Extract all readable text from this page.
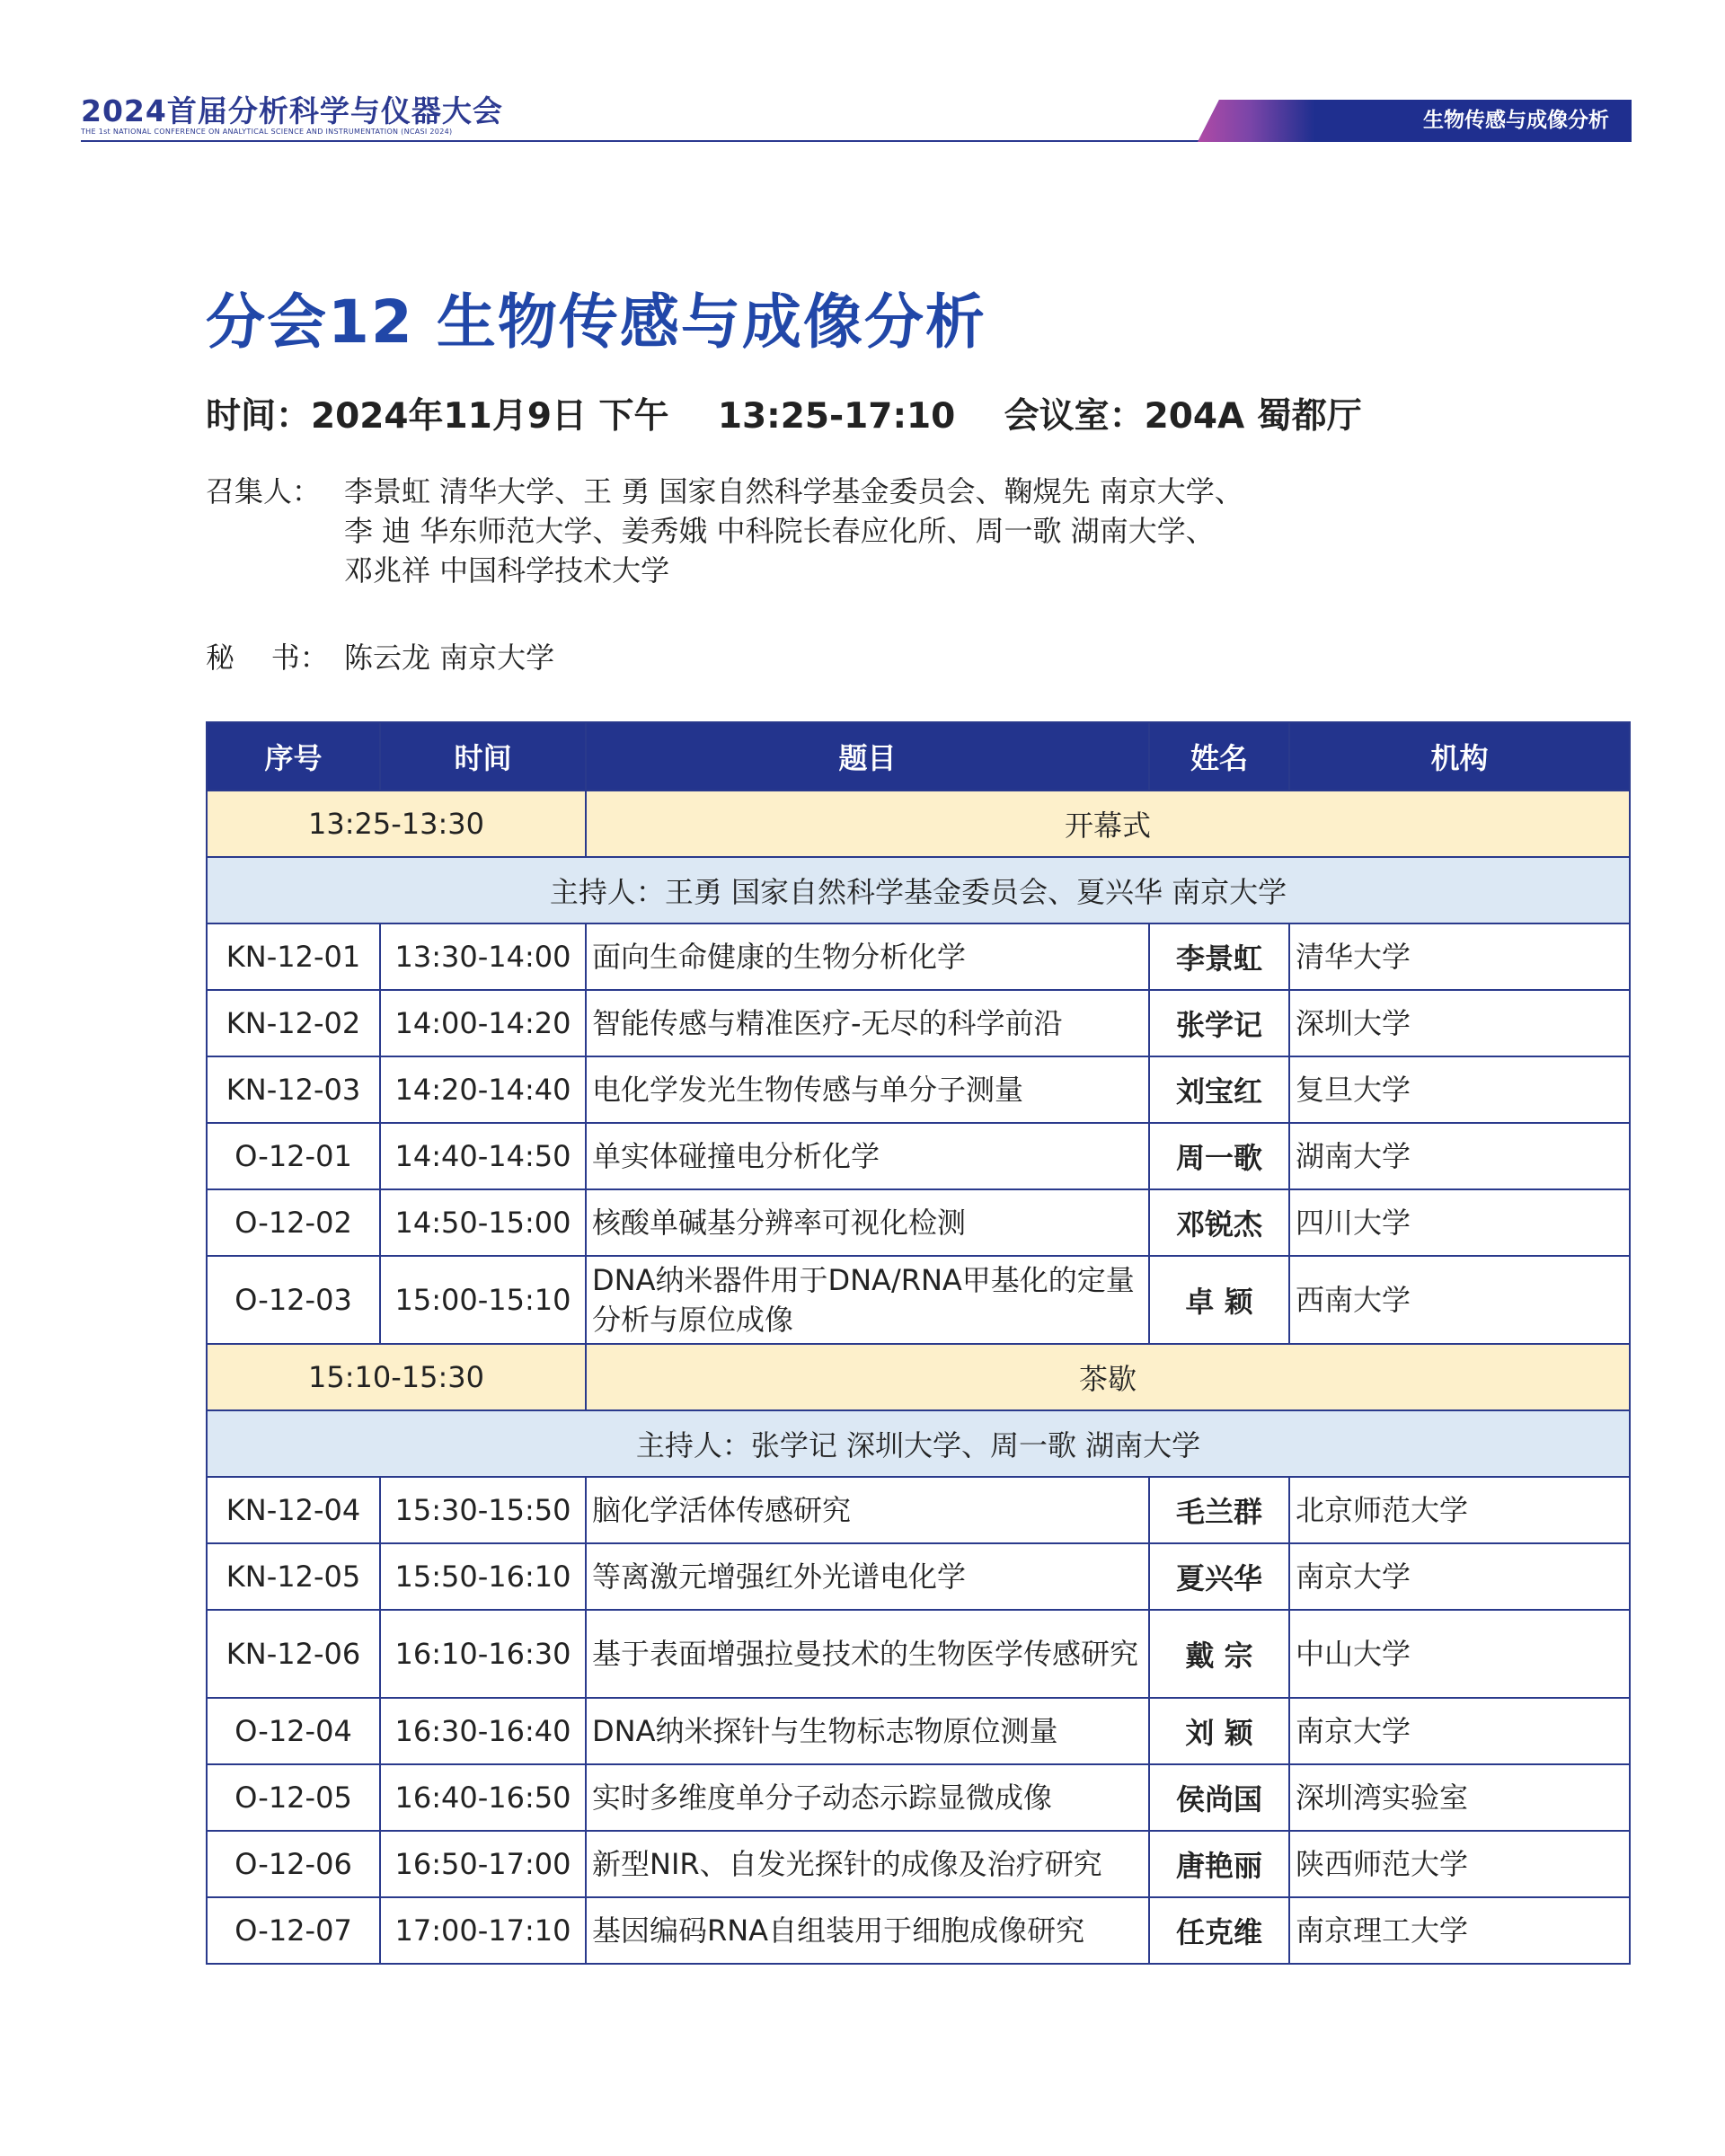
2024首届分析科学与仪器大会
THE 1st NATIONAL CONFERENCE ON ANALYTICAL SCIENCE AND INSTRUMENTATION (NCASI 2024)	生物传感与成像分析
分会12 生物传感与成像分析
时间：2024年11月9日 下午    13:25-17:10    会议室：204A 蜀都厅
召集人： 李景虹 清华大学、王 勇 国家自然科学基金委员会、鞠熀先 南京大学、
李 迪 华东师范大学、姜秀娥 中科院长春应化所、周一歌 湖南大学、
邓兆祥 中国科学技术大学
秘    书： 陈云龙 南京大学
序号	时间	题目	姓名	机构
13:25-13:30		开幕式		
主持人：王勇 国家自然科学基金委员会、夏兴华 南京大学				
KN-12-01	13:30-14:00	面向生命健康的生物分析化学	李景虹	清华大学
KN-12-02	14:00-14:20	智能传感与精准医疗-无尽的科学前沿	张学记	深圳大学
KN-12-03	14:20-14:40	电化学发光生物传感与单分子测量	刘宝红	复旦大学
O-12-01	14:40-14:50	单实体碰撞电分析化学	周一歌	湖南大学
O-12-02	14:50-15:00	核酸单碱基分辨率可视化检测	邓锐杰	四川大学
O-12-03	15:00-15:10	DNA纳米器件用于DNA/RNA甲基化的定量分析与原位成像	卓 颖	西南大学
15:10-15:30		茶歇		
主持人：张学记 深圳大学、周一歌 湖南大学				
KN-12-04	15:30-15:50	脑化学活体传感研究	毛兰群	北京师范大学
KN-12-05	15:50-16:10	等离激元增强红外光谱电化学	夏兴华	南京大学
KN-12-06	16:10-16:30	基于表面增强拉曼技术的生物医学传感研究	戴 宗	中山大学
O-12-04	16:30-16:40	DNA纳米探针与生物标志物原位测量	刘 颖	南京大学
O-12-05	16:40-16:50	实时多维度单分子动态示踪显微成像	侯尚国	深圳湾实验室
O-12-06	16:50-17:00	新型NIR、自发光探针的成像及治疗研究	唐艳丽	陕西师范大学
O-12-07	17:00-17:10	基因编码RNA自组装用于细胞成像研究	任克维	南京理工大学
